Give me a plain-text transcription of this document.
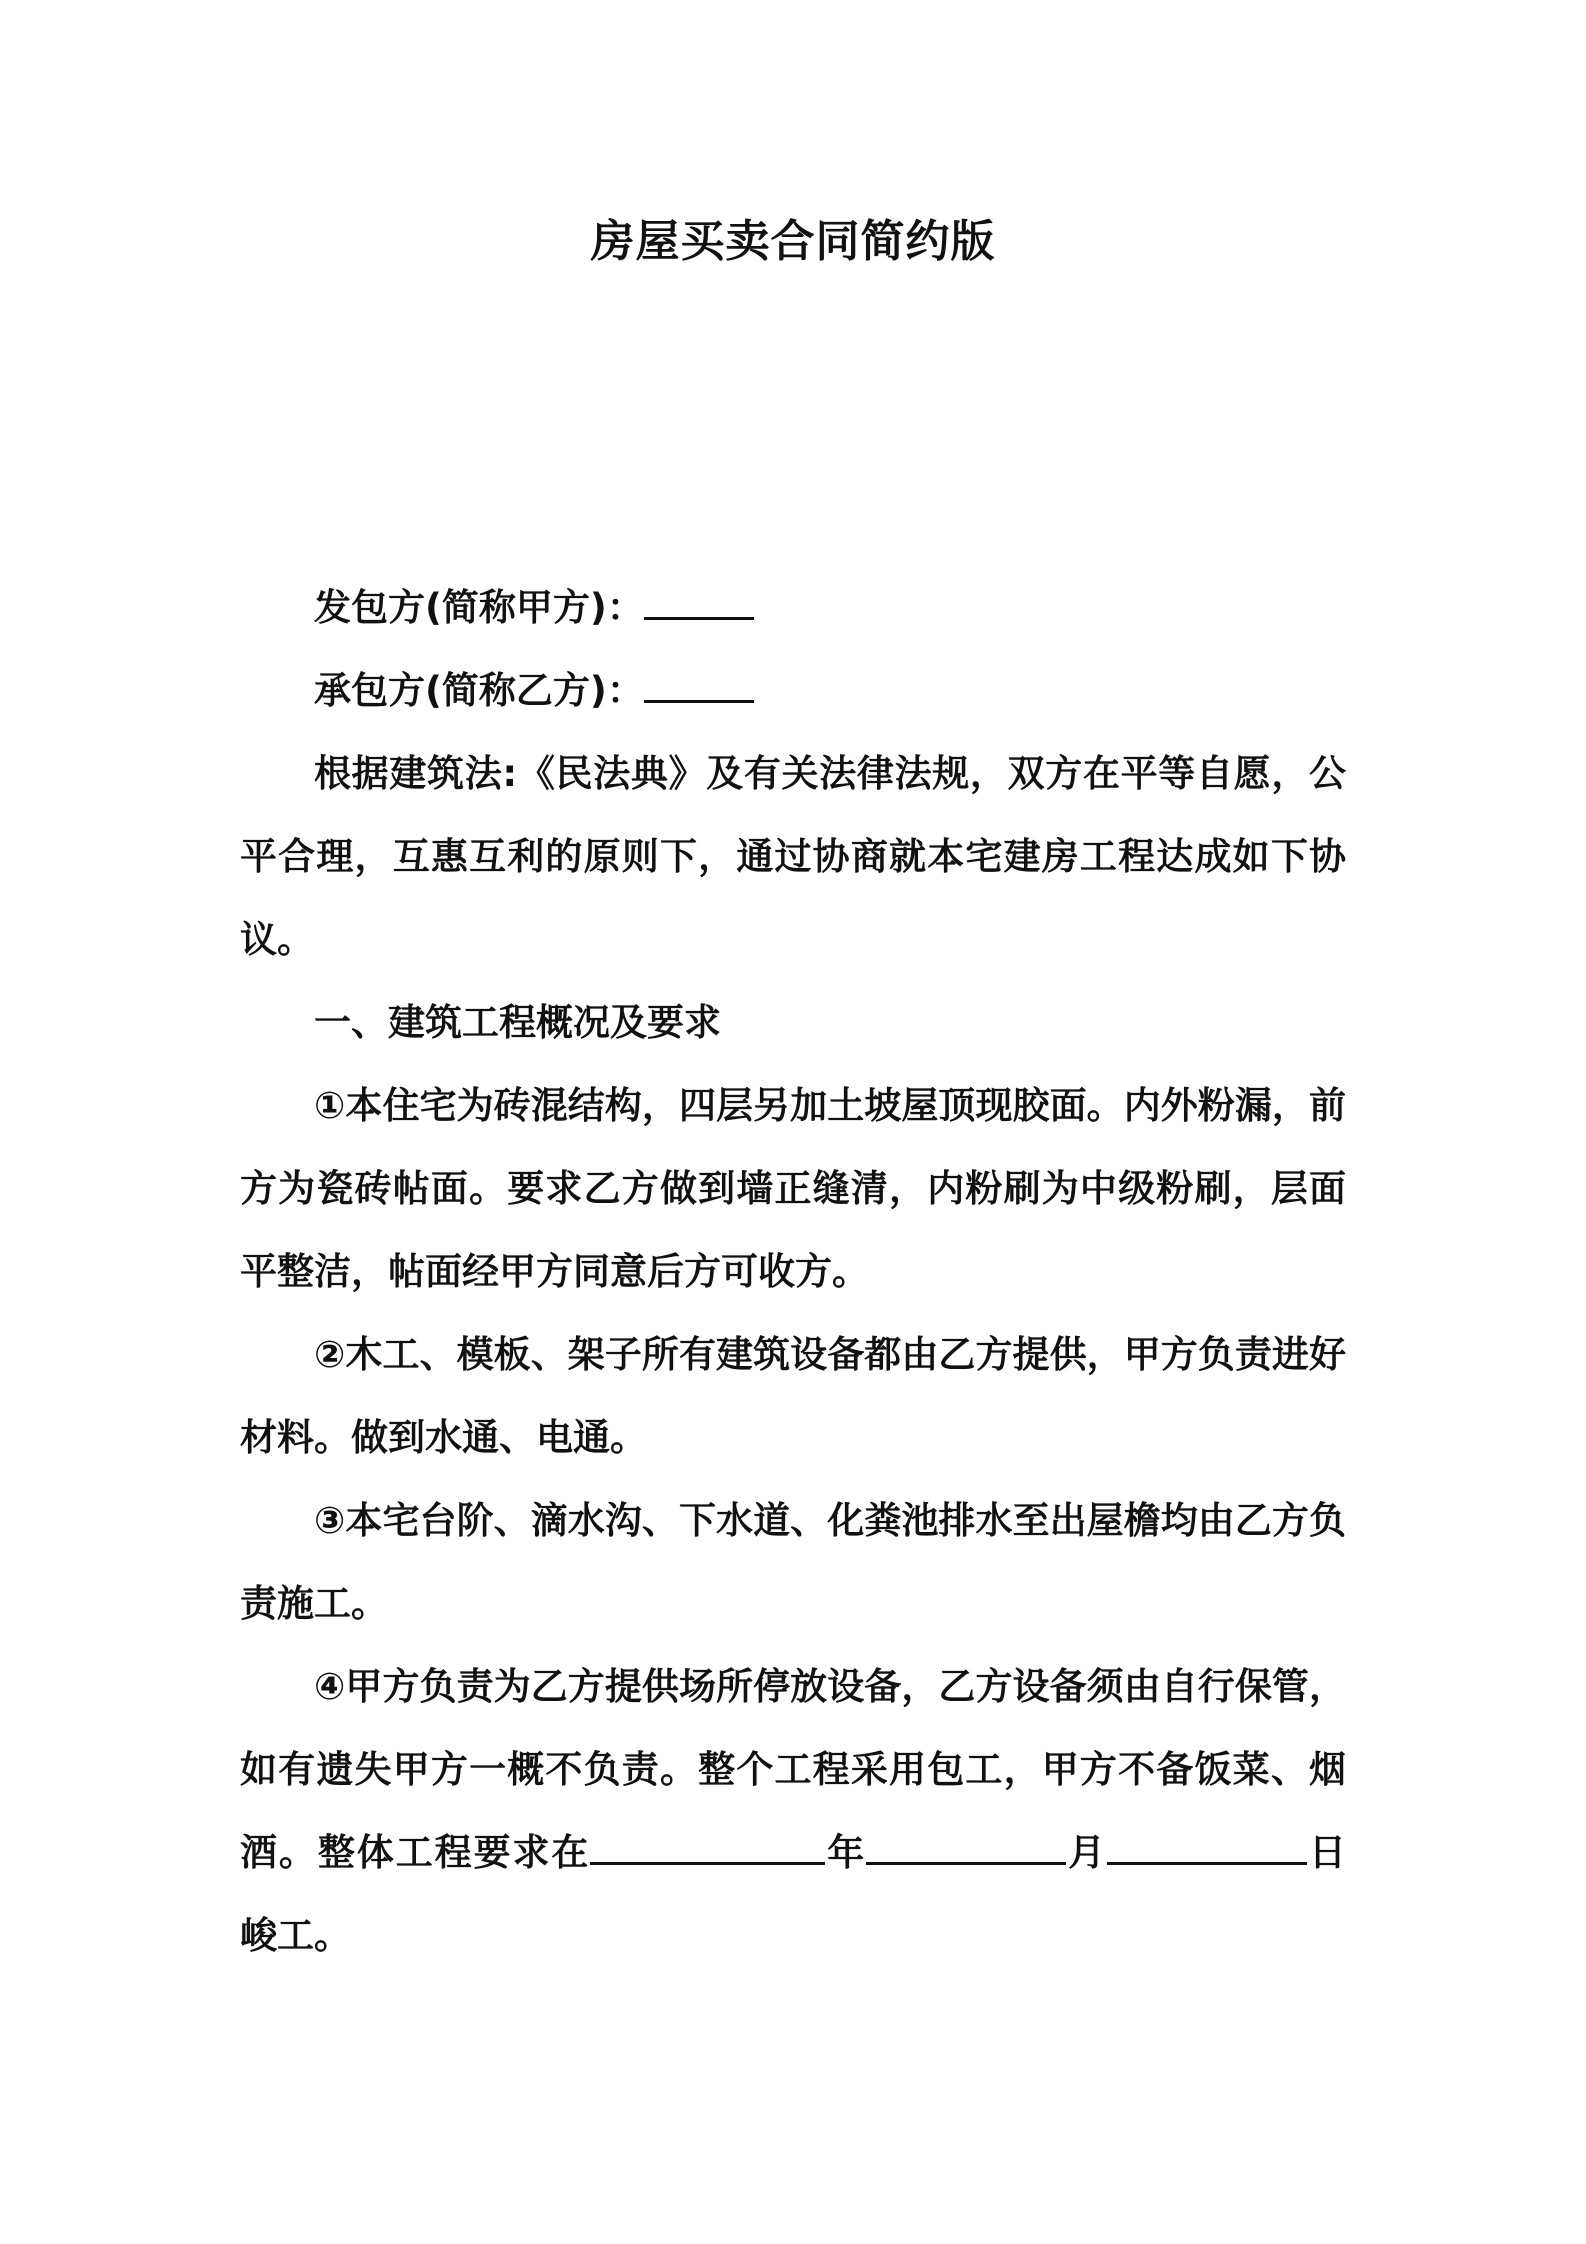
房屋买卖合同简约版

发包方(简称甲方)：

承包方(简称乙方)：

根据建筑法:《民法典》及有关法律法规，双方在平等自愿，公平合理，互惠互利的原则下，通过协商就本宅建房工程达成如下协议。

一、建筑工程概况及要求

①本住宅为砖混结构，四层另加土坡屋顶现胶面。内外粉漏，前方为瓷砖帖面。要求乙方做到墙正缝清，内粉刷为中级粉刷，层面平整洁，帖面经甲方同意后方可收方。

②木工、模板、架子所有建筑设备都由乙方提供，甲方负责进好材料。做到水通、电通。

③本宅台阶、滴水沟、下水道、化粪池排水至出屋檐均由乙方负责施工。

④甲方负责为乙方提供场所停放设备，乙方设备须由自行保管，如有遗失甲方一概不负责。整个工程采用包工，甲方不备饭菜、烟酒。整体工程要求在	年	月	日峻工。
